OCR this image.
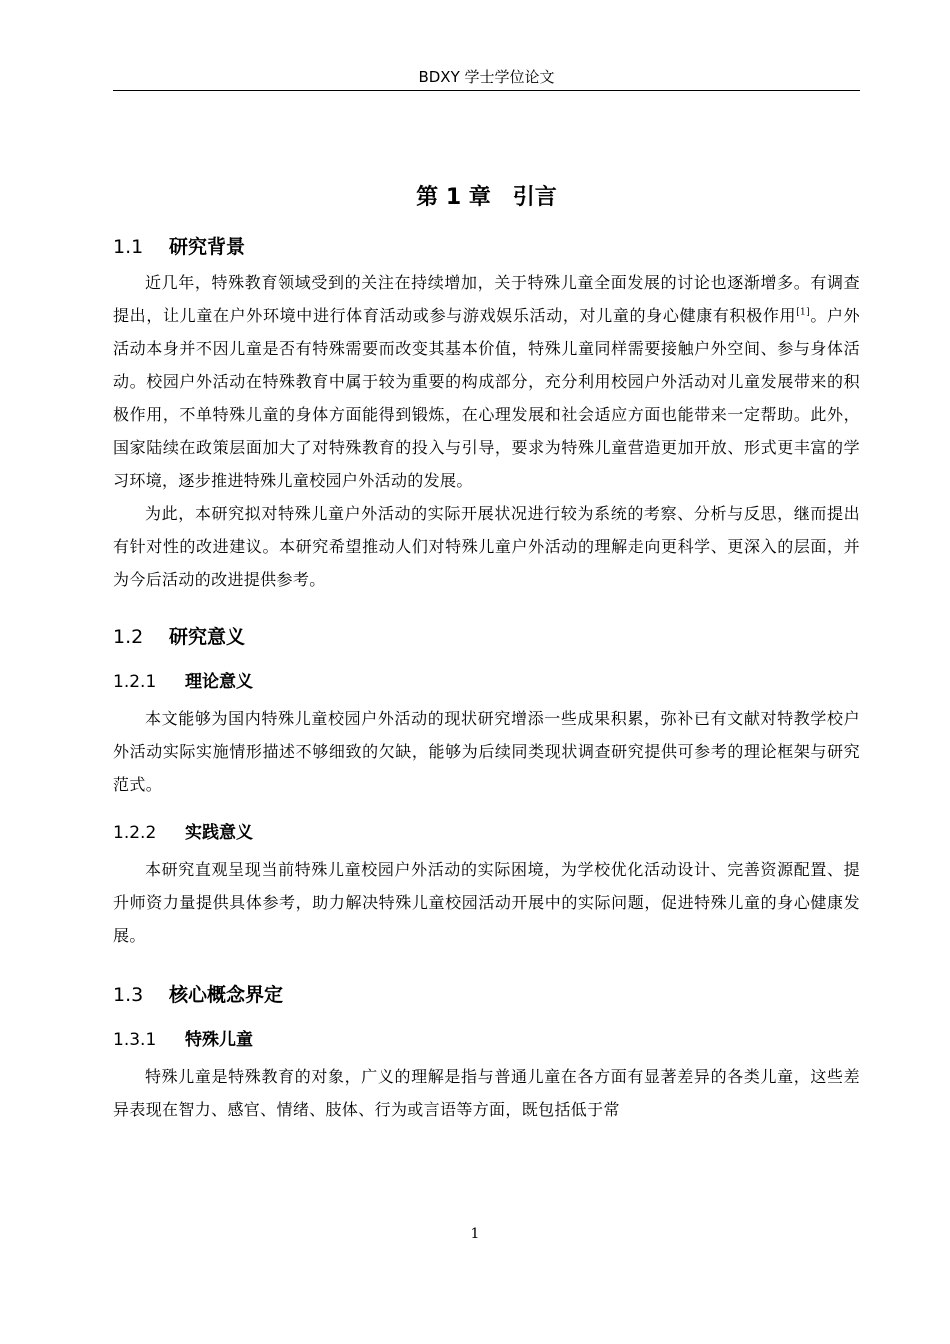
BDXY 学士学位论文
第 1 章　引言
1.1 研究背景

近几年，特殊教育领域受到的关注在持续增加，关于特殊儿童全面发展的讨论也逐渐增多。有调查提出，让儿童在户外环境中进行体育活动或参与游戏娱乐活动，对儿童的身心健康有积极作用[1]。户外活动本身并不因儿童是否有特殊需要而改变其基本价值，特殊儿童同样需要接触户外空间、参与身体活动。校园户外活动在特殊教育中属于较为重要的构成部分，充分利用校园户外活动对儿童发展带来的积极作用，不单特殊儿童的身体方面能得到锻炼，在心理发展和社会适应方面也能带来一定帮助。此外，国家陆续在政策层面加大了对特殊教育的投入与引导，要求为特殊儿童营造更加开放、形式更丰富的学习环境，逐步推进特殊儿童校园户外活动的发展。

为此，本研究拟对特殊儿童户外活动的实际开展状况进行较为系统的考察、分析与反思，继而提出有针对性的改进建议。本研究希望推动人们对特殊儿童户外活动的理解走向更科学、更深入的层面，并为今后活动的改进提供参考。

1.2 研究意义
1.2.1 理论意义

本文能够为国内特殊儿童校园户外活动的现状研究增添一些成果积累，弥补已有文献对特教学校户外活动实际实施情形描述不够细致的欠缺，能够为后续同类现状调查研究提供可参考的理论框架与研究范式。

1.2.2 实践意义

本研究直观呈现当前特殊儿童校园户外活动的实际困境，为学校优化活动设计、完善资源配置、提升师资力量提供具体参考，助力解决特殊儿童校园活动开展中的实际问题，促进特殊儿童的身心健康发展。

1.3 核心概念界定
1.3.1 特殊儿童

特殊儿童是特殊教育的对象，广义的理解是指与普通儿童在各方面有显著差异的各类儿童，这些差异表现在智力、感官、情绪、肢体、行为或言语等方面，既包括低于常

1
